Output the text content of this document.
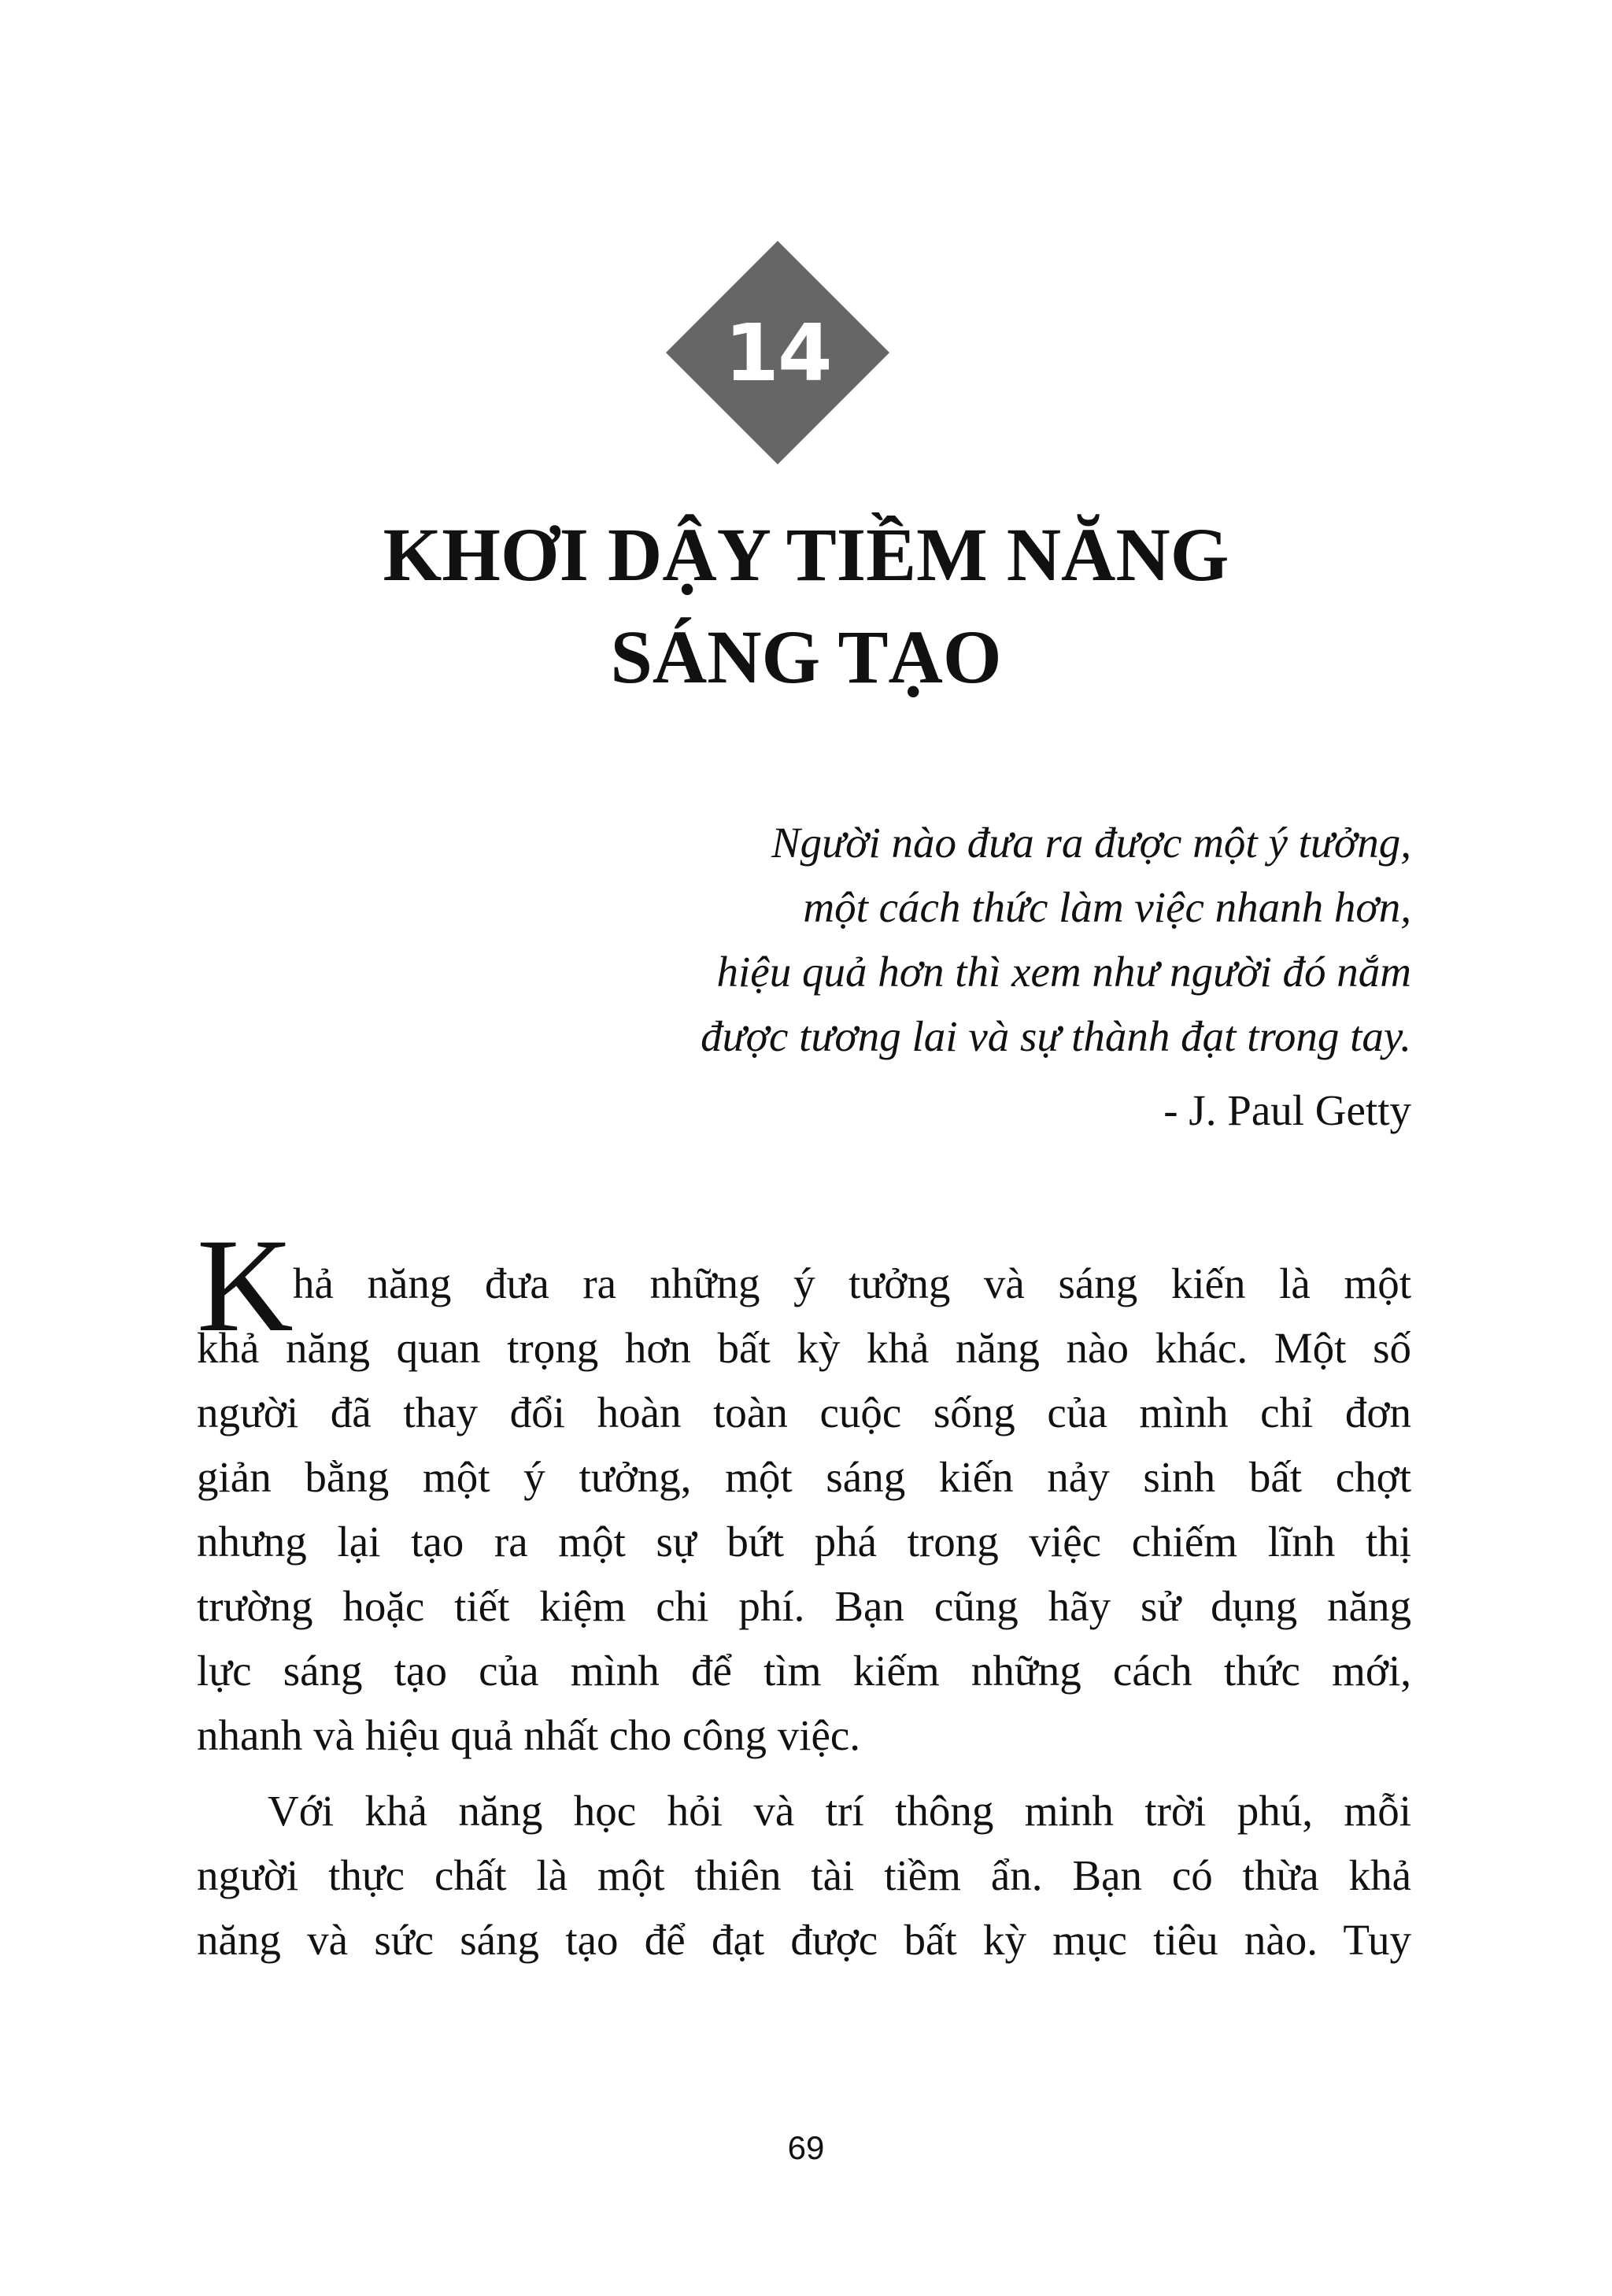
14
KHƠI DẬY TIỀM NĂNG
SÁNG TẠO
Người nào đưa ra được một ý tưởng,
một cách thức làm việc nhanh hơn,
hiệu quả hơn thì xem như người đó nắm
được tương lai và sự thành đạt trong tay.
- J. Paul Getty
K hả năng đưa ra những ý tưởng và sáng kiến là một
khả năng quan trọng hơn bất kỳ khả năng nào khác. Một số
người đã thay đổi hoàn toàn cuộc sống của mình chỉ đơn
giản bằng một ý tưởng, một sáng kiến nảy sinh bất chợt
nhưng lại tạo ra một sự bứt phá trong việc chiếm lĩnh thị
trường hoặc tiết kiệm chi phí. Bạn cũng hãy sử dụng năng
lực sáng tạo của mình để tìm kiếm những cách thức mới,
nhanh và hiệu quả nhất cho công việc.
Với khả năng học hỏi và trí thông minh trời phú, mỗi
người thực chất là một thiên tài tiềm ẩn. Bạn có thừa khả
năng và sức sáng tạo để đạt được bất kỳ mục tiêu nào. Tuy
69
